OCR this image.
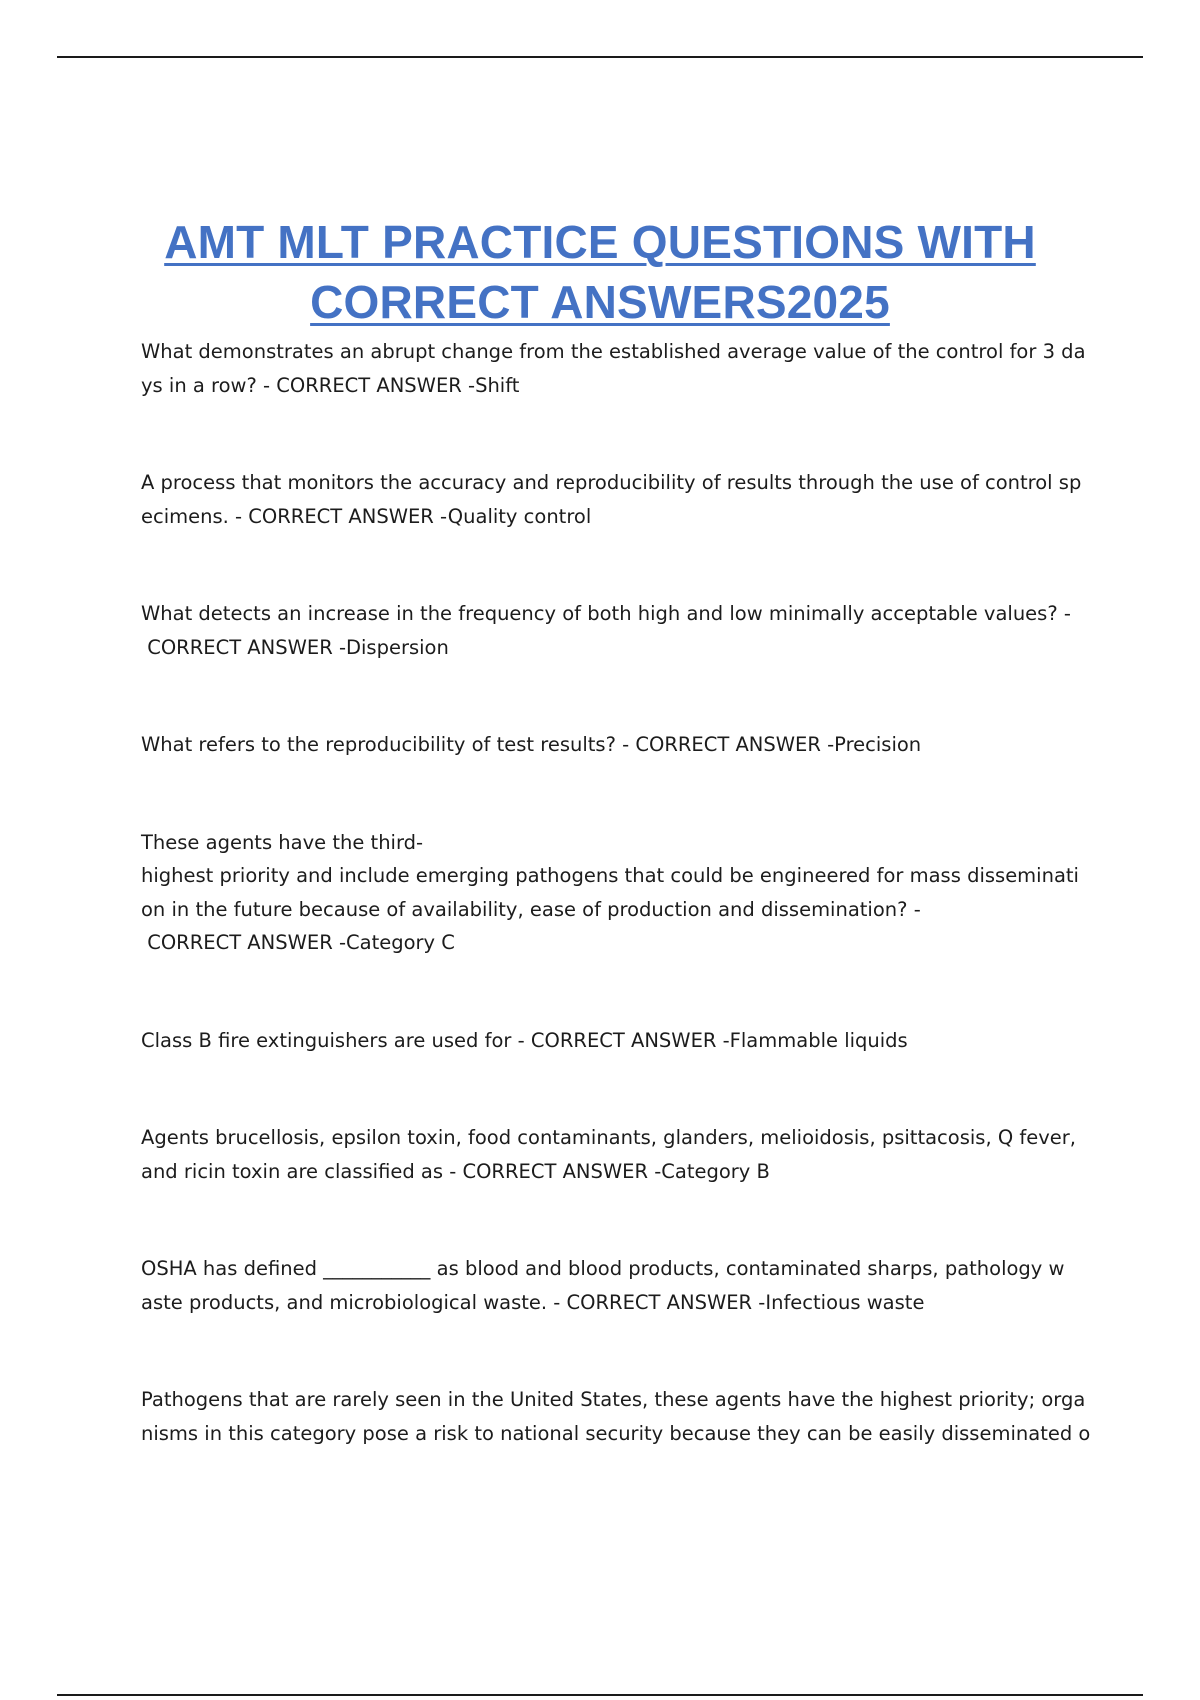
AMT MLT PRACTICE QUESTIONS WITH
CORRECT ANSWERS2025
What demonstrates an abrupt change from the established average value of the control for 3 da
ys in a row? - CORRECT ANSWER -Shift
A process that monitors the accuracy and reproducibility of results through the use of control sp
ecimens. - CORRECT ANSWER -Quality control
What detects an increase in the frequency of both high and low minimally acceptable values? -
CORRECT ANSWER -Dispersion
What refers to the reproducibility of test results? - CORRECT ANSWER -Precision
These agents have the third-
highest priority and include emerging pathogens that could be engineered for mass disseminati
on in the future because of availability, ease of production and dissemination? -
CORRECT ANSWER -Category C
Class B fire extinguishers are used for - CORRECT ANSWER -Flammable liquids
Agents brucellosis, epsilon toxin, food contaminants, glanders, melioidosis, psittacosis, Q fever,
and ricin toxin are classified as - CORRECT ANSWER -Category B
OSHA has defined ___________ as blood and blood products, contaminated sharps, pathology w
aste products, and microbiological waste. - CORRECT ANSWER -Infectious waste
Pathogens that are rarely seen in the United States, these agents have the highest priority; orga
nisms in this category pose a risk to national security because they can be easily disseminated o
